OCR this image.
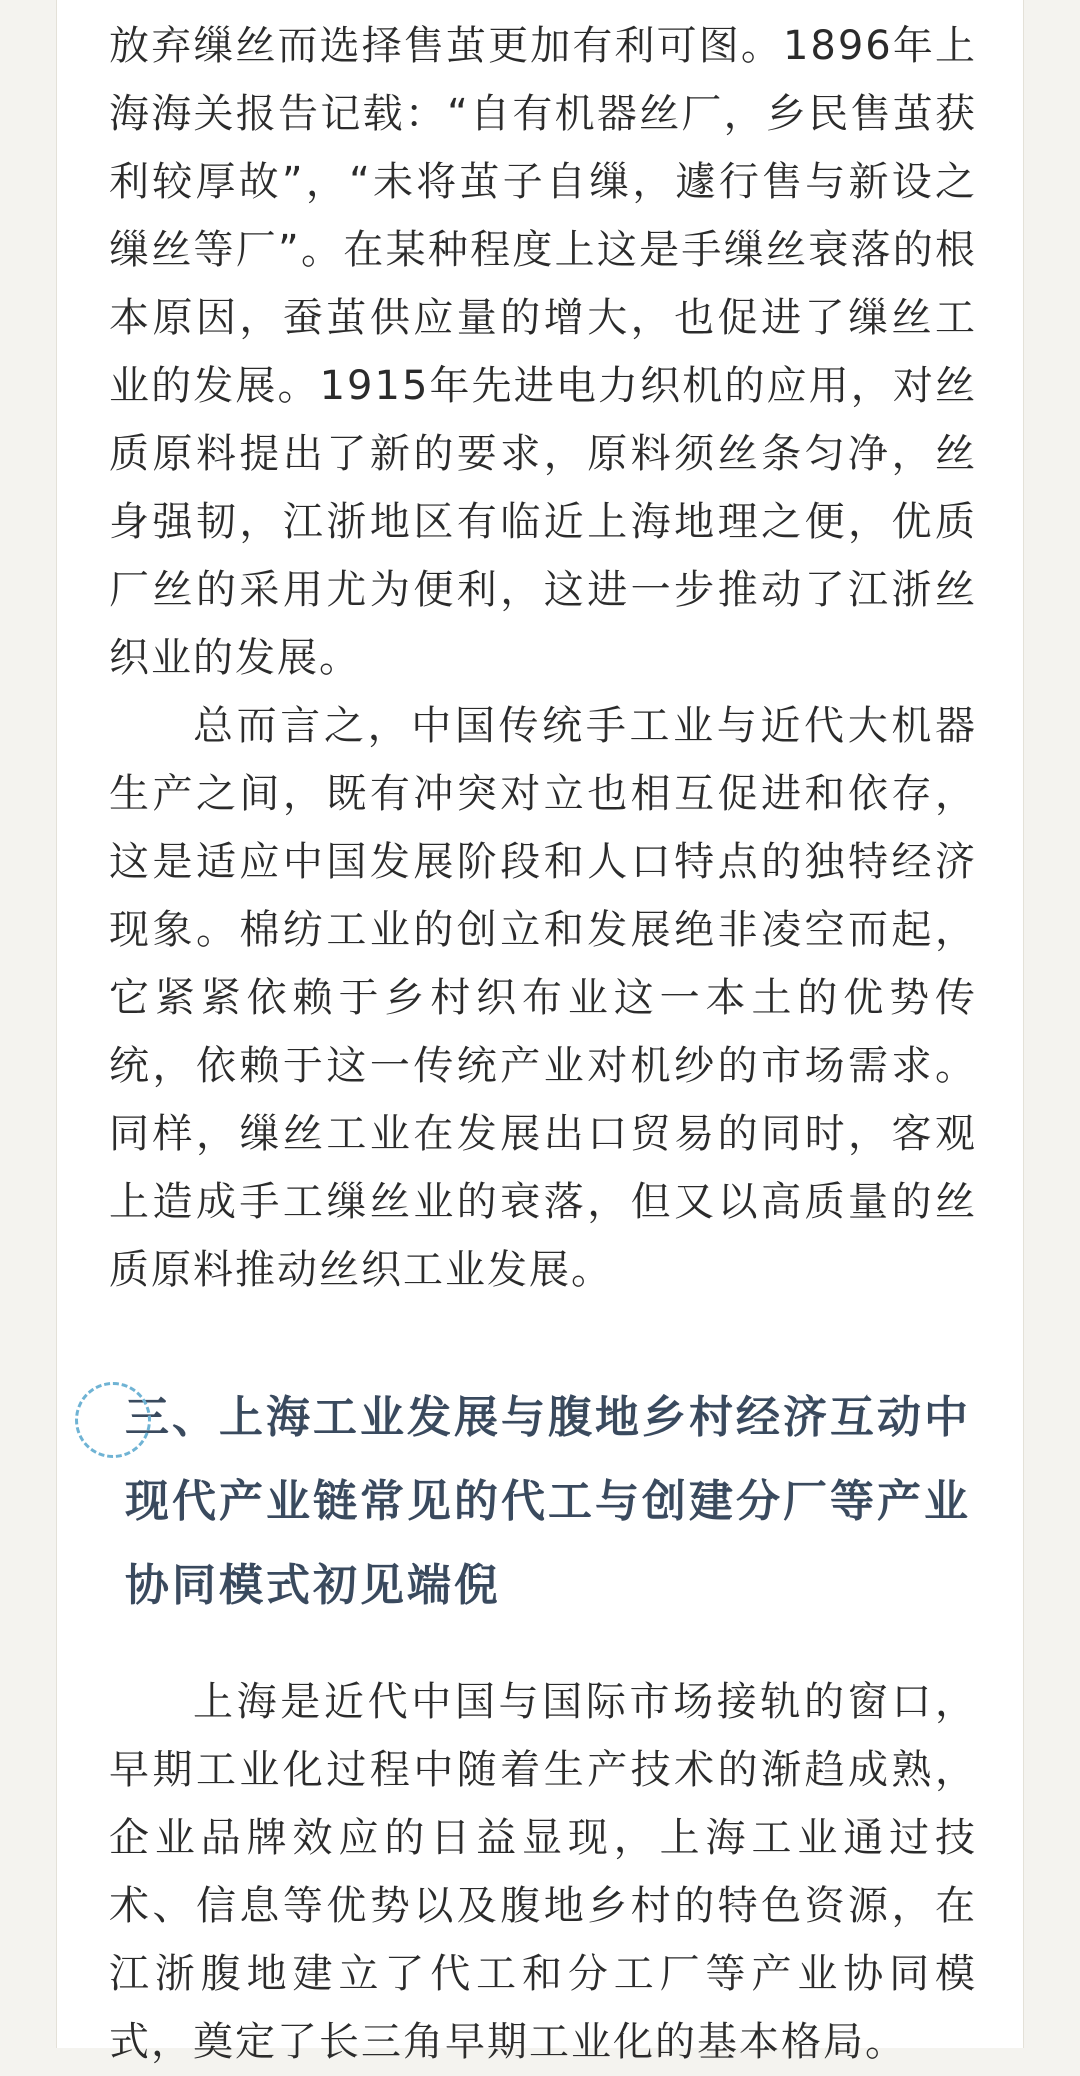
放弃缫丝而选择售茧更加有利可图。1896年上海海关报告记载：“自有机器丝厂，乡民售茧获利较厚故”，“未将茧子自缫，遽行售与新设之缫丝等厂”。在某种程度上这是手缫丝衰落的根本原因，蚕茧供应量的增大，也促进了缫丝工业的发展。1915年先进电力织机的应用，对丝质原料提出了新的要求，原料须丝条匀净，丝身强韧，江浙地区有临近上海地理之便，优质厂丝的采用尤为便利，这进一步推动了江浙丝织业的发展。

总而言之，中国传统手工业与近代大机器生产之间，既有冲突对立也相互促进和依存，这是适应中国发展阶段和人口特点的独特经济现象。棉纺工业的创立和发展绝非凌空而起，它紧紧依赖于乡村织布业这一本土的优势传统，依赖于这一传统产业对机纱的市场需求。同样，缫丝工业在发展出口贸易的同时，客观上造成手工缫丝业的衰落，但又以高质量的丝质原料推动丝织工业发展。

三、上海工业发展与腹地乡村经济互动中现代产业链常见的代工与创建分厂等产业协同模式初见端倪

上海是近代中国与国际市场接轨的窗口，早期工业化过程中随着生产技术的渐趋成熟，企业品牌效应的日益显现，上海工业通过技术、信息等优势以及腹地乡村的特色资源，在江浙腹地建立了代工和分工厂等产业协同模式，奠定了长三角早期工业化的基本格局。
